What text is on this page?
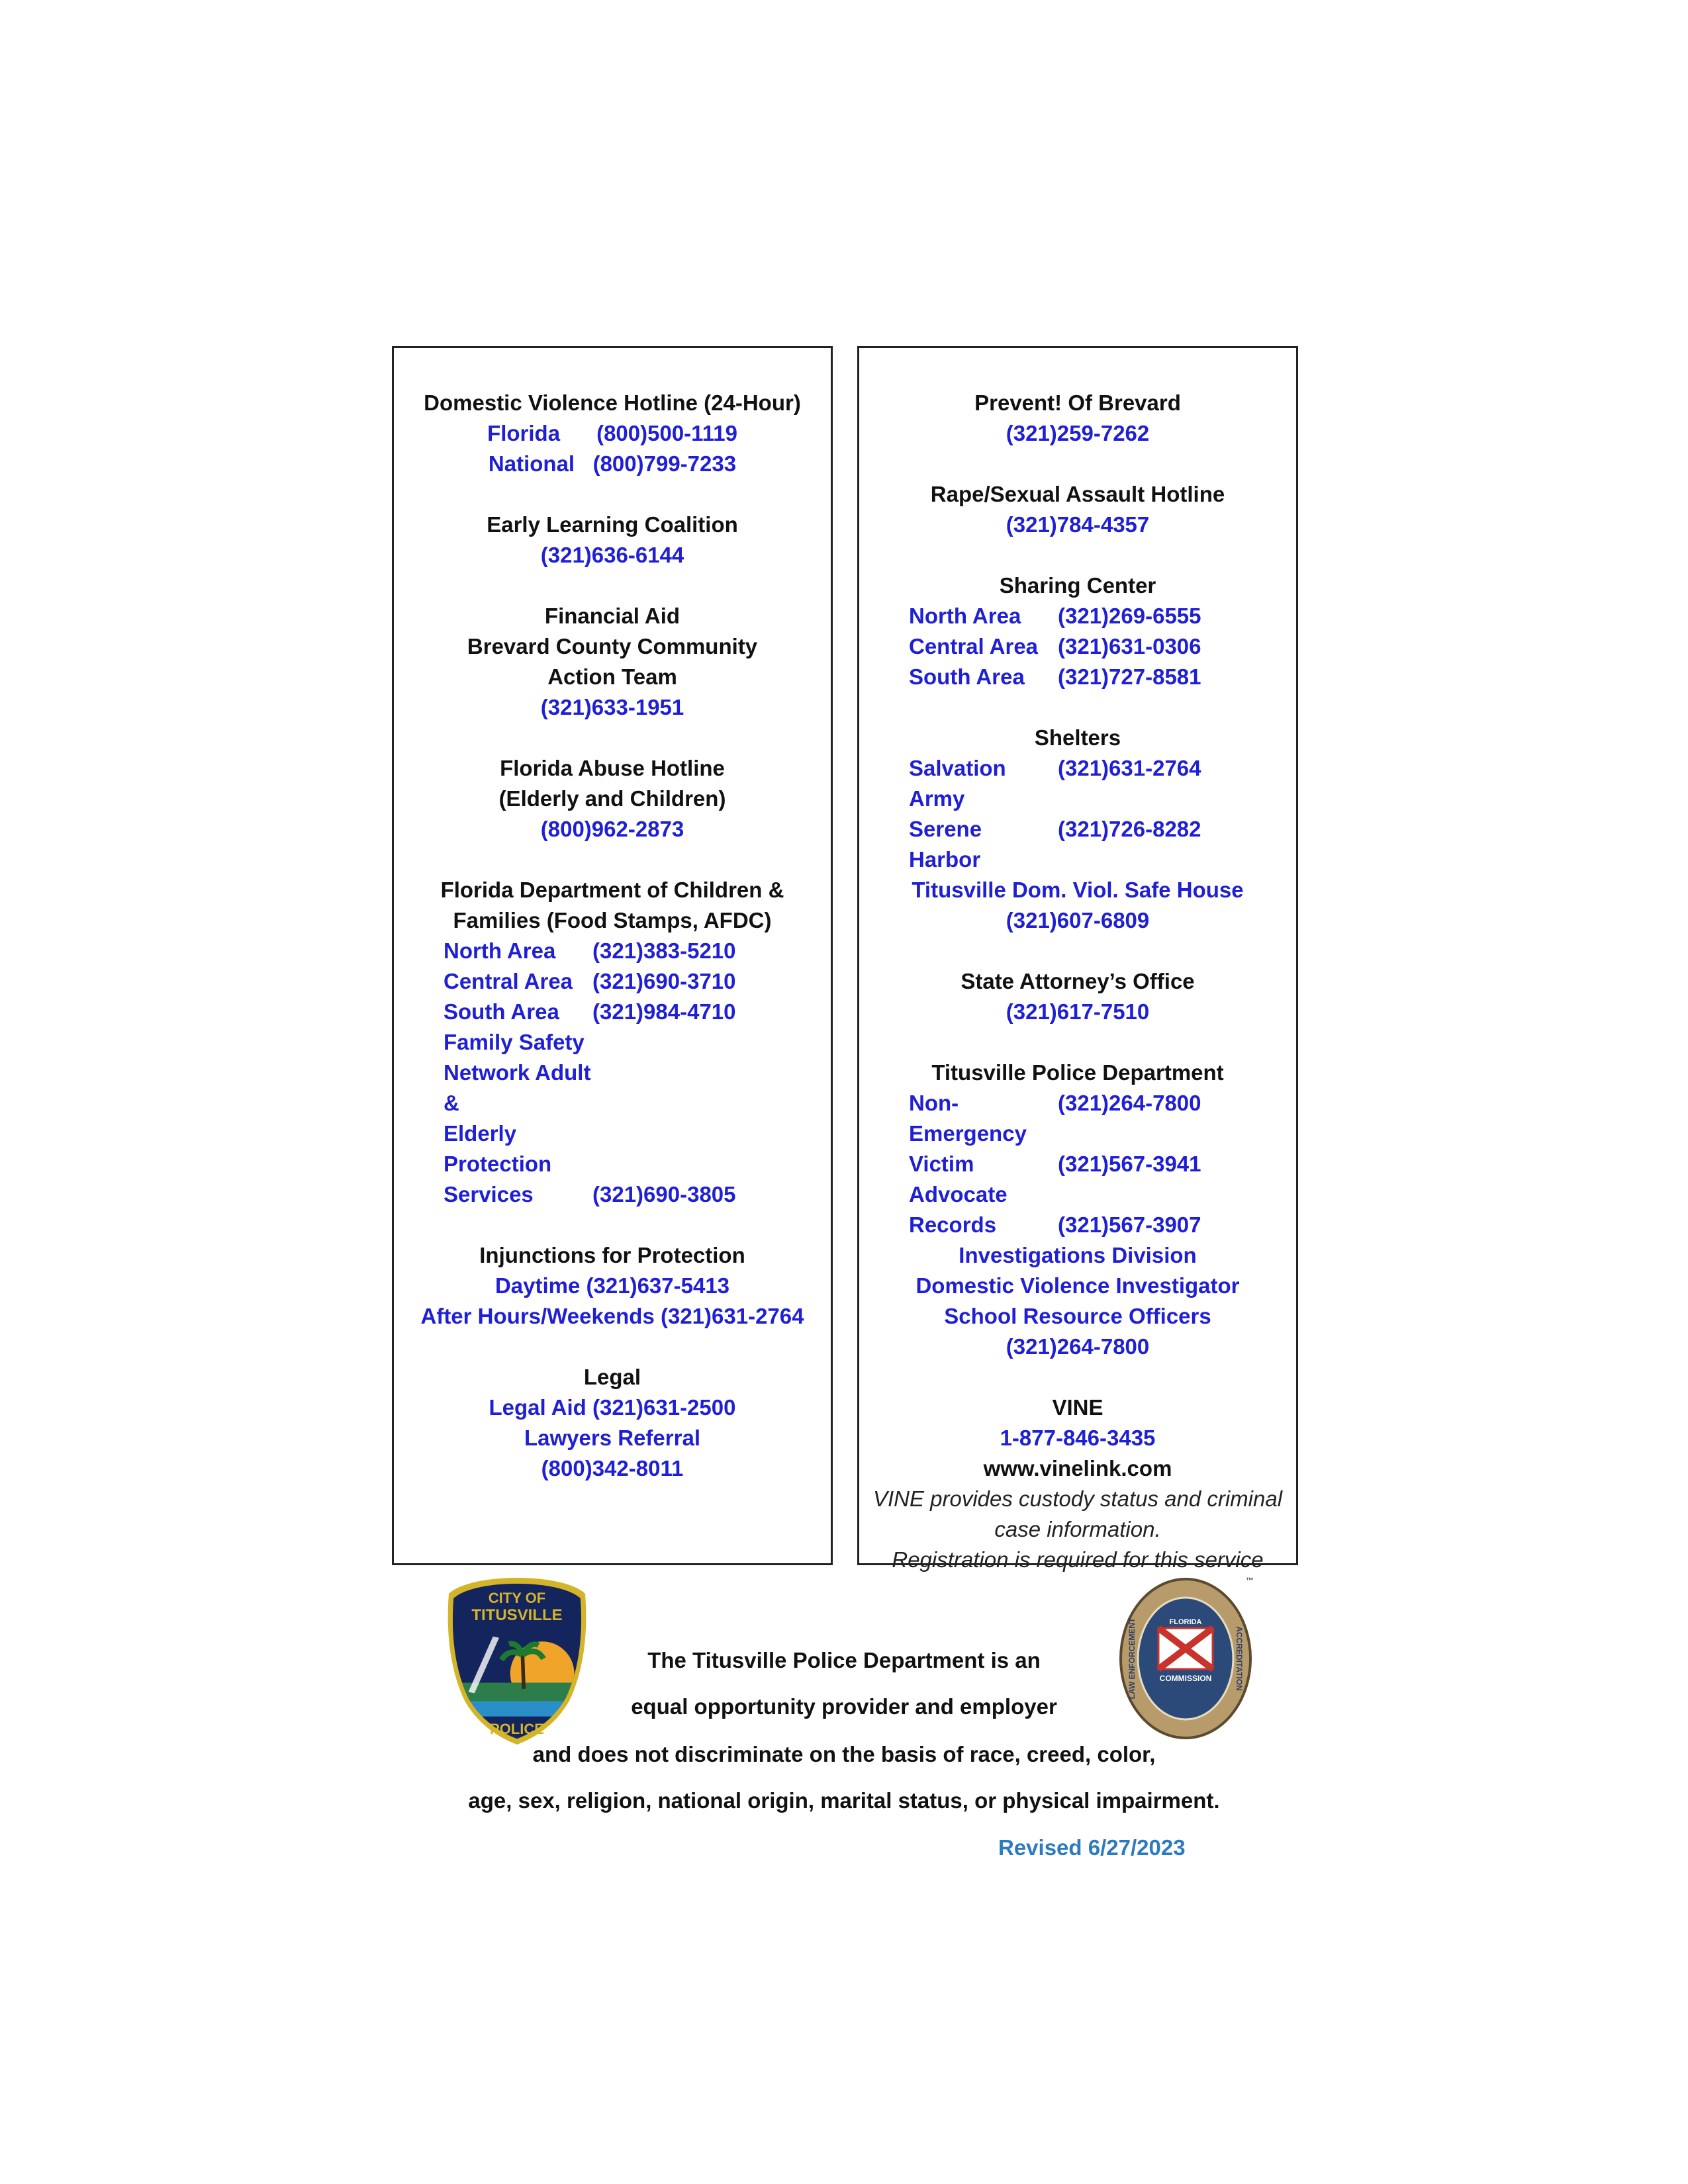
Domestic Violence Hotline (24-Hour)
Florida      (800)500-1119
National   (800)799-7233
Early Learning Coalition
(321)636-6144
Financial Aid
Brevard County Community
Action Team
(321)633-1951
Florida Abuse Hotline
(Elderly and Children)
(800)962-2873
Florida Department of Children &
Families (Food Stamps, AFDC)
North Area	(321)383-5210
Central Area (321)690-3710
South Area	(321)984-4710
Family Safety
Network Adult &
Elderly Protection
Services	(321)690-3805
Injunctions for Protection
Daytime (321)637-5413
After Hours/Weekends (321)631-2764
Legal
Legal Aid (321)631-2500
Lawyers Referral
(800)342-8011
Prevent! Of Brevard
(321)259-7262
Rape/Sexual Assault Hotline
(321)784-4357
Sharing Center
North Area	(321)269-6555
Central Area (321)631-0306
South Area	(321)727-8581
Shelters
Salvation Army
(321)631-2764
Serene Harbor
(321)726-8282
Titusville Dom. Viol. Safe House
(321)607-6809
State Attorney’s Office
(321)617-7510
Titusville Police Department
Non-Emergency
(321)264-7800
Victim Advocate
(321)567-3941
Records	(321)567-3907
Investigations Division
Domestic Violence Investigator
School Resource Officers
(321)264-7800
VINE
1-877-846-3435
www.vinelink.com
VINE provides custody status and criminal
case information.
Registration is required for this service
CITY OF
TITUSVILLE
POLICE
FLORIDA
COMMISSION
LAW ENFORCEMENT	ACCREDITATION
™
The Titusville Police Department is an
equal opportunity provider and employer
and does not discriminate on the basis of race, creed, color,
age, sex, religion, national origin, marital status, or physical impairment.
Revised 6/27/2023
